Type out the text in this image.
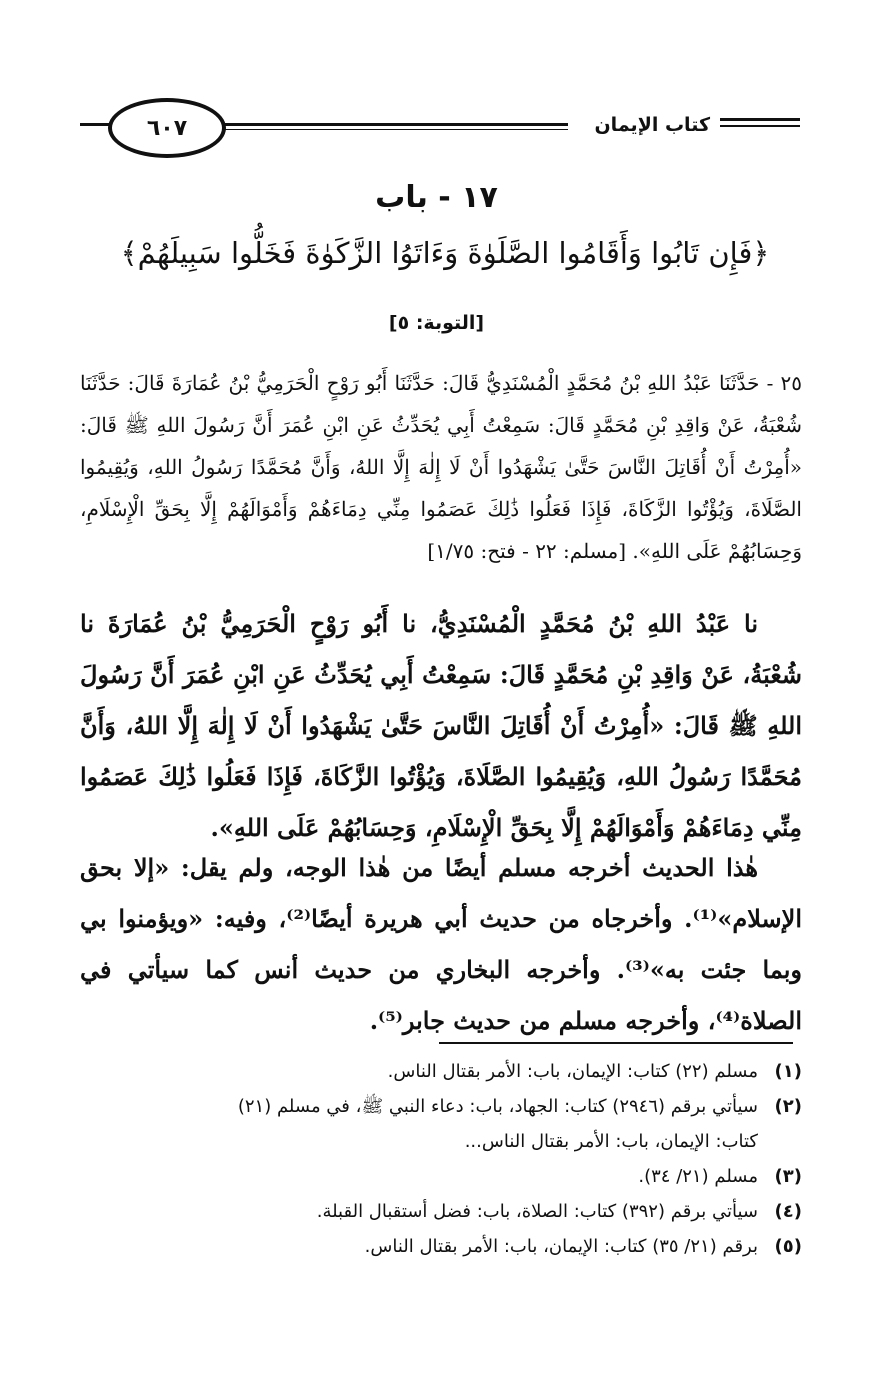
كتاب الإيمان
٦٠٧
١٧ - باب
﴿فَإِن تَابُوا وَأَقَامُوا الصَّلَوٰةَ وَءَاتَوُا الزَّكَوٰةَ فَخَلُّوا سَبِيلَهُمْ﴾
[التوبة: ٥]

٢٥ - حَدَّثَنَا عَبْدُ اللهِ بْنُ مُحَمَّدٍ الْمُسْنَدِيُّ قَالَ: حَدَّثَنَا أَبُو رَوْحٍ الْحَرَمِيُّ بْنُ عُمَارَةَ قَالَ: حَدَّثَنَا شُعْبَةُ، عَنْ وَاقِدِ بْنِ مُحَمَّدٍ قَالَ: سَمِعْتُ أَبِي يُحَدِّثُ عَنِ ابْنِ عُمَرَ أَنَّ رَسُولَ اللهِ ﷺ قَالَ: «أُمِرْتُ أَنْ أُقَاتِلَ النَّاسَ حَتَّىٰ يَشْهَدُوا أَنْ لَا إِلٰهَ إِلَّا اللهُ، وَأَنَّ مُحَمَّدًا رَسُولُ اللهِ، وَيُقِيمُوا الصَّلَاةَ، وَيُؤْتُوا الزَّكَاةَ، فَإِذَا فَعَلُوا ذَٰلِكَ عَصَمُوا مِنِّي دِمَاءَهُمْ وَأَمْوَالَهُمْ إِلَّا بِحَقِّ الْإِسْلَامِ، وَحِسَابُهُمْ عَلَى اللهِ». [مسلم: ٢٢ - فتح: ١/٧٥]

نا عَبْدُ اللهِ بْنُ مُحَمَّدٍ الْمُسْنَدِيُّ، نا أَبُو رَوْحٍ الْحَرَمِيُّ بْنُ عُمَارَةَ نا شُعْبَةُ، عَنْ وَاقِدِ بْنِ مُحَمَّدٍ قَالَ: سَمِعْتُ أَبِي يُحَدِّثُ عَنِ ابْنِ عُمَرَ أَنَّ رَسُولَ اللهِ ﷺ قَالَ: «أُمِرْتُ أَنْ أُقَاتِلَ النَّاسَ حَتَّىٰ يَشْهَدُوا أَنْ لَا إِلٰهَ إِلَّا اللهُ، وَأَنَّ مُحَمَّدًا رَسُولُ اللهِ، وَيُقِيمُوا الصَّلَاةَ، وَيُؤْتُوا الزَّكَاةَ، فَإِذَا فَعَلُوا ذَٰلِكَ عَصَمُوا مِنِّي دِمَاءَهُمْ وَأَمْوَالَهُمْ إِلَّا بِحَقِّ الْإِسْلَامِ، وَحِسَابُهُمْ عَلَى اللهِ».

هٰذا الحديث أخرجه مسلم أيضًا من هٰذا الوجه، ولم يقل: «إلا بحق الإسلام»⁽¹⁾. وأخرجاه من حديث أبي هريرة أيضًا⁽²⁾، وفيه: «ويؤمنوا بي وبما جئت به»⁽³⁾. وأخرجه البخاري من حديث أنس كما سيأتي في الصلاة⁽⁴⁾، وأخرجه مسلم من حديث جابر⁽⁵⁾.

(١)
مسلم (٢٢) كتاب: الإيمان، باب: الأمر بقتال الناس.
(٢)
سيأتي برقم (٢٩٤٦) كتاب: الجهاد، باب: دعاء النبي ﷺ، في مسلم (٢١)
كتاب: الإيمان، باب: الأمر بقتال الناس...
(٣)
مسلم (٢١/ ٣٤).
(٤)
سيأتي برقم (٣٩٢) كتاب: الصلاة، باب: فضل أستقبال القبلة.
(٥)
برقم (٢١/ ٣٥) كتاب: الإيمان، باب: الأمر بقتال الناس.
